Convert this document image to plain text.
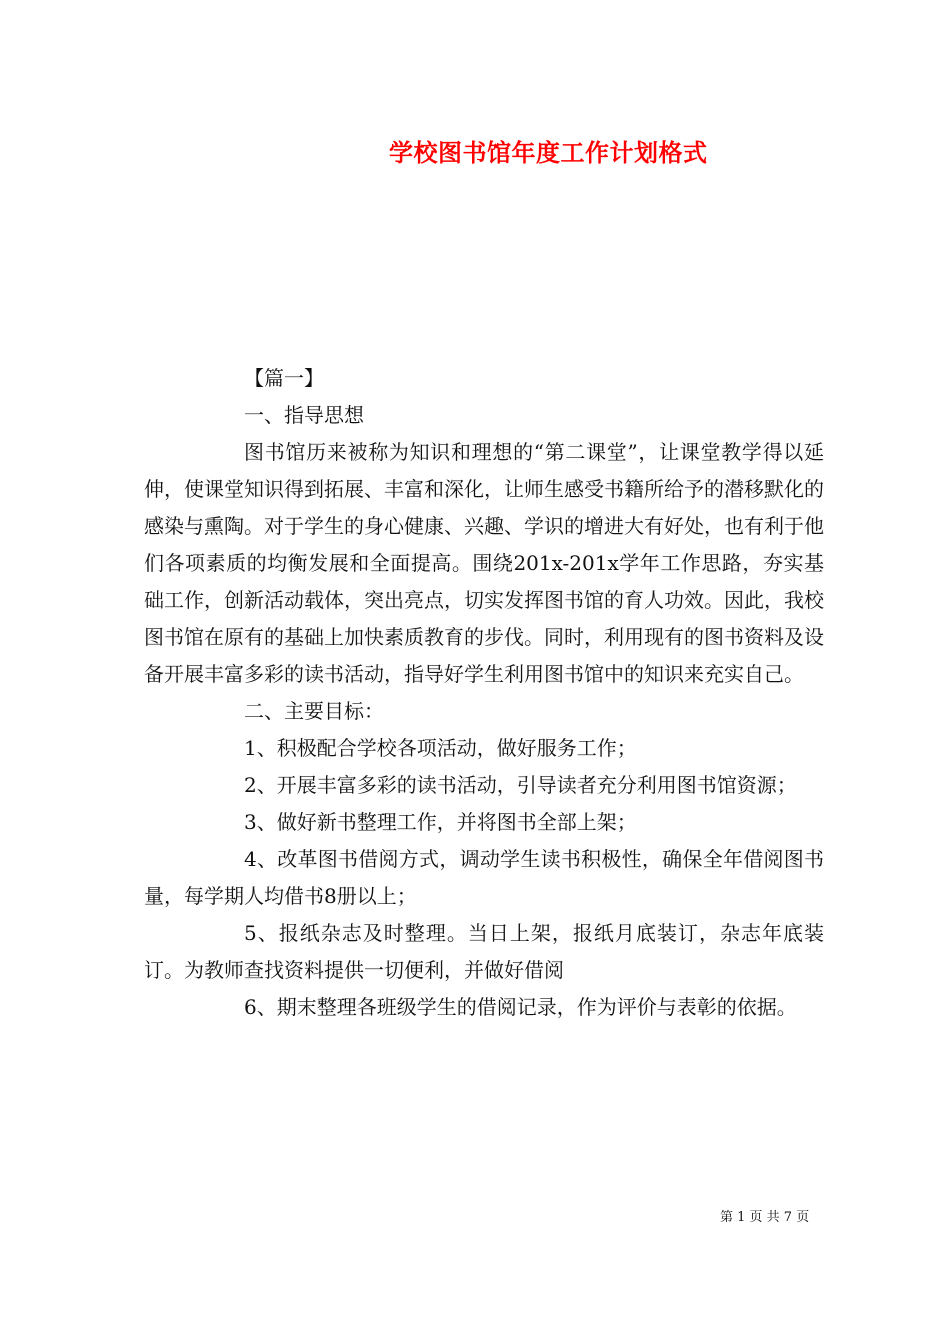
学校图书馆年度工作计划格式
【篇一】
一、指导思想

图书馆历来被称为知识和理想的“第二课堂”，让课堂教学得以延伸，使课堂知识得到拓展、丰富和深化，让师生感受书籍所给予的潜移默化的感染与熏陶。对于学生的身心健康、兴趣、学识的增进大有好处，也有利于他们各项素质的均衡发展和全面提高。围绕201x-201x学年工作思路，夯实基础工作，创新活动载体，突出亮点，切实发挥图书馆的育人功效。因此，我校图书馆在原有的基础上加快素质教育的步伐。同时，利用现有的图书资料及设备开展丰富多彩的读书活动，指导好学生利用图书馆中的知识来充实自己。

二、主要目标：

1、积极配合学校各项活动，做好服务工作；

2、开展丰富多彩的读书活动，引导读者充分利用图书馆资源；

3、做好新书整理工作，并将图书全部上架；

4、改革图书借阅方式，调动学生读书积极性，确保全年借阅图书量，每学期人均借书8册以上；

5、报纸杂志及时整理。当日上架，报纸月底装订，杂志年底装订。为教师查找资料提供一切便利，并做好借阅

6、期末整理各班级学生的借阅记录，作为评价与表彰的依据。

第 1 页 共 7 页
